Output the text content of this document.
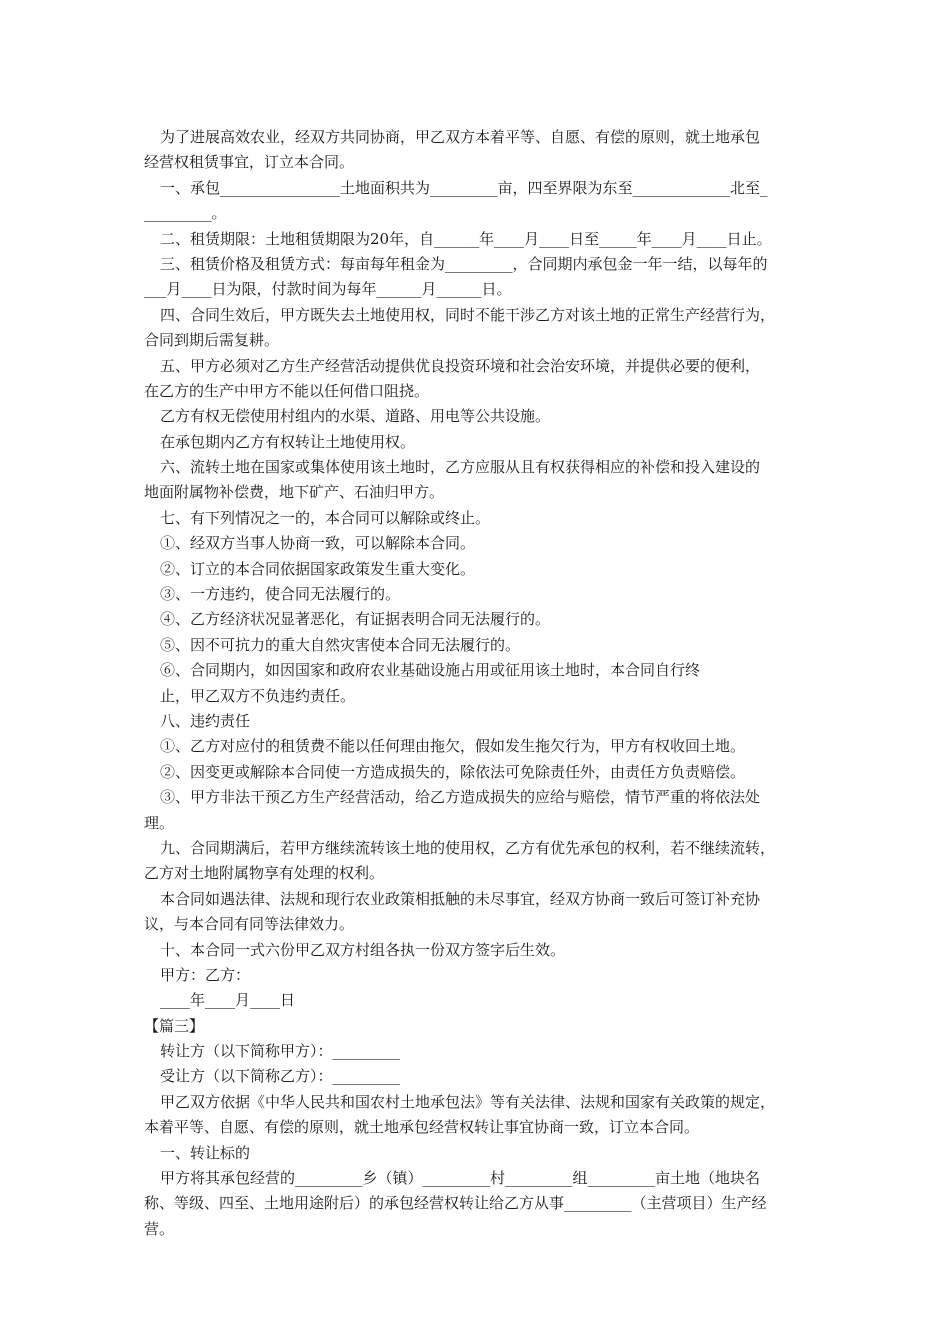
为了进展高效农业，经双方共同协商，甲乙双方本着平等、自愿、有偿的原则，就土地承包
经营权租赁事宜，订立本合同。
一、承包________________土地面积共为_________亩，四至界限为东至_____________北至_
_________。
二、租赁期限：土地租赁期限为20年，自______年____月____日至_____年____月____日止。
三、租赁价格及租赁方式：每亩每年租金为_________，合同期内承包金一年一结，以每年的
___月____日为限，付款时间为每年______月______日。
四、合同生效后，甲方既失去土地使用权，同时不能干涉乙方对该土地的正常生产经营行为，
合同到期后需复耕。
五、甲方必须对乙方生产经营活动提供优良投资环境和社会治安环境，并提供必要的便利，
在乙方的生产中甲方不能以任何借口阻挠。
乙方有权无偿使用村组内的水渠、道路、用电等公共设施。
在承包期内乙方有权转让土地使用权。
六、流转土地在国家或集体使用该土地时，乙方应服从且有权获得相应的补偿和投入建设的
地面附属物补偿费，地下矿产、石油归甲方。
七、有下列情况之一的，本合同可以解除或终止。
①、经双方当事人协商一致，可以解除本合同。
②、订立的本合同依据国家政策发生重大变化。
③、一方违约，使合同无法履行的。
④、乙方经济状况显著恶化，有证据表明合同无法履行的。
⑤、因不可抗力的重大自然灾害使本合同无法履行的。
⑥、合同期内，如因国家和政府农业基础设施占用或征用该土地时，本合同自行终
止，甲乙双方不负违约责任。
八、违约责任
①、乙方对应付的租赁费不能以任何理由拖欠，假如发生拖欠行为，甲方有权收回土地。
②、因变更或解除本合同使一方造成损失的，除依法可免除责任外，由责任方负责赔偿。
③、甲方非法干预乙方生产经营活动，给乙方造成损失的应给与赔偿，情节严重的将依法处
理。
九、合同期满后，若甲方继续流转该土地的使用权，乙方有优先承包的权利，若不继续流转，
乙方对土地附属物享有处理的权利。
本合同如遇法律、法规和现行农业政策相抵触的未尽事宜，经双方协商一致后可签订补充协
议，与本合同有同等法律效力。
十、本合同一式六份甲乙双方村组各执一份双方签字后生效。
甲方：乙方：
____年____月____日
【篇三】
转让方（以下简称甲方）：_________
受让方（以下简称乙方）：_________
甲乙双方依据《中华人民共和国农村土地承包法》等有关法律、法规和国家有关政策的规定，
本着平等、自愿、有偿的原则，就土地承包经营权转让事宜协商一致，订立本合同。
一、转让标的
甲方将其承包经营的_________乡（镇）_________村_________组_________亩土地（地块名
称、等级、四至、土地用途附后）的承包经营权转让给乙方从事_________（主营项目）生产经
营。
